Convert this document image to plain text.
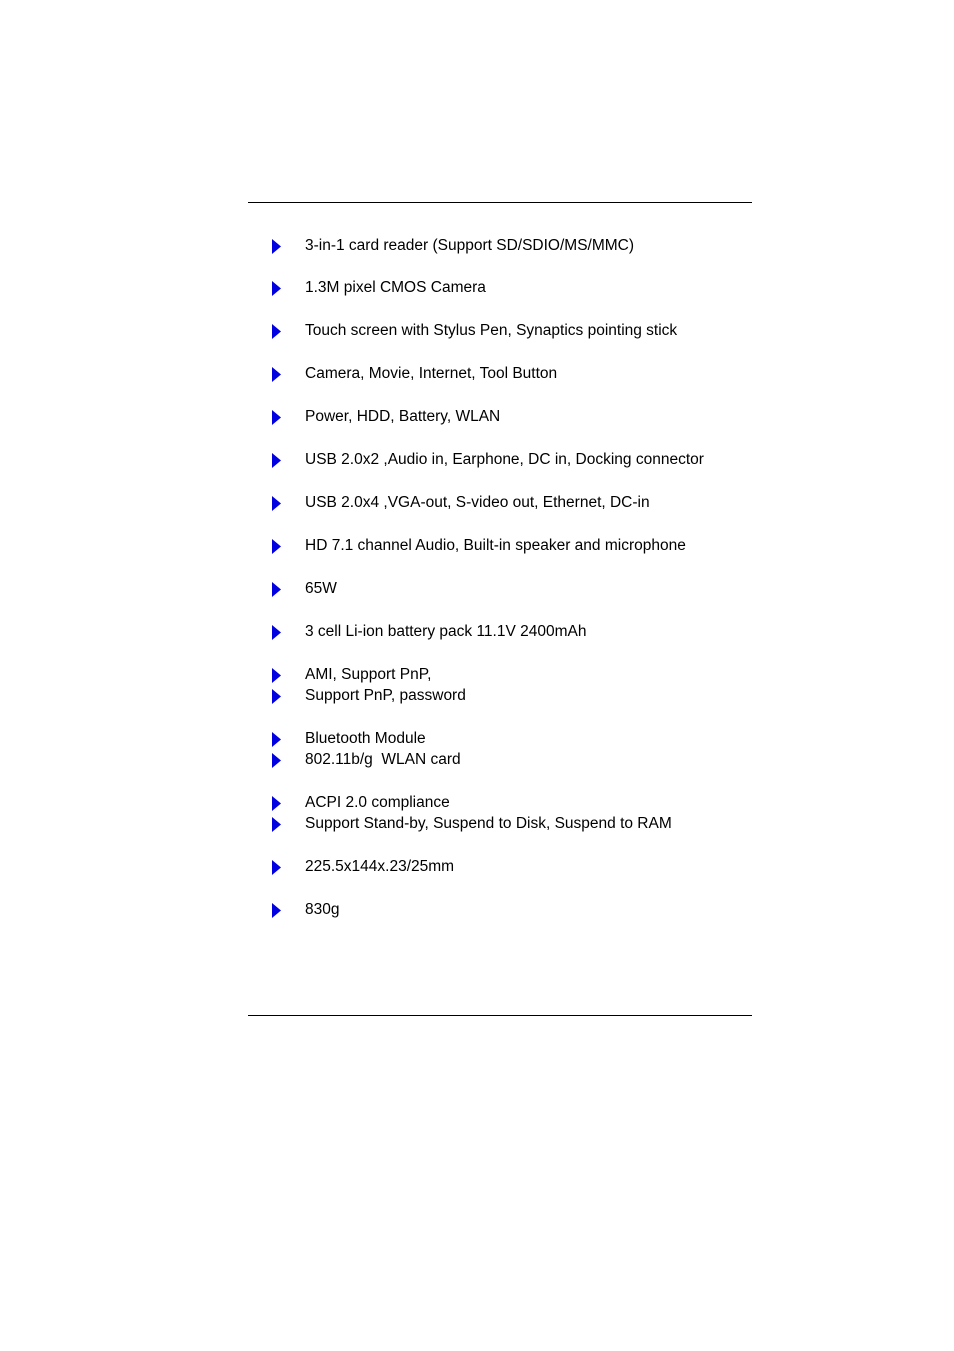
3-in-1 card reader (Support SD/SDIO/MS/MMC)
1.3M pixel CMOS Camera
Touch screen with Stylus Pen, Synaptics pointing stick
Camera, Movie, Internet, Tool Button
Power, HDD, Battery, WLAN
USB 2.0x2 ,Audio in, Earphone, DC in, Docking connector
USB 2.0x4 ,VGA-out, S-video out, Ethernet, DC-in
HD 7.1 channel Audio, Built-in speaker and microphone
65W
3 cell Li-ion battery pack 11.1V 2400mAh
AMI, Support PnP,
Support PnP, password
Bluetooth Module
802.11b/g  WLAN card
ACPI 2.0 compliance
Support Stand-by, Suspend to Disk, Suspend to RAM
225.5x144x.23/25mm
830g
